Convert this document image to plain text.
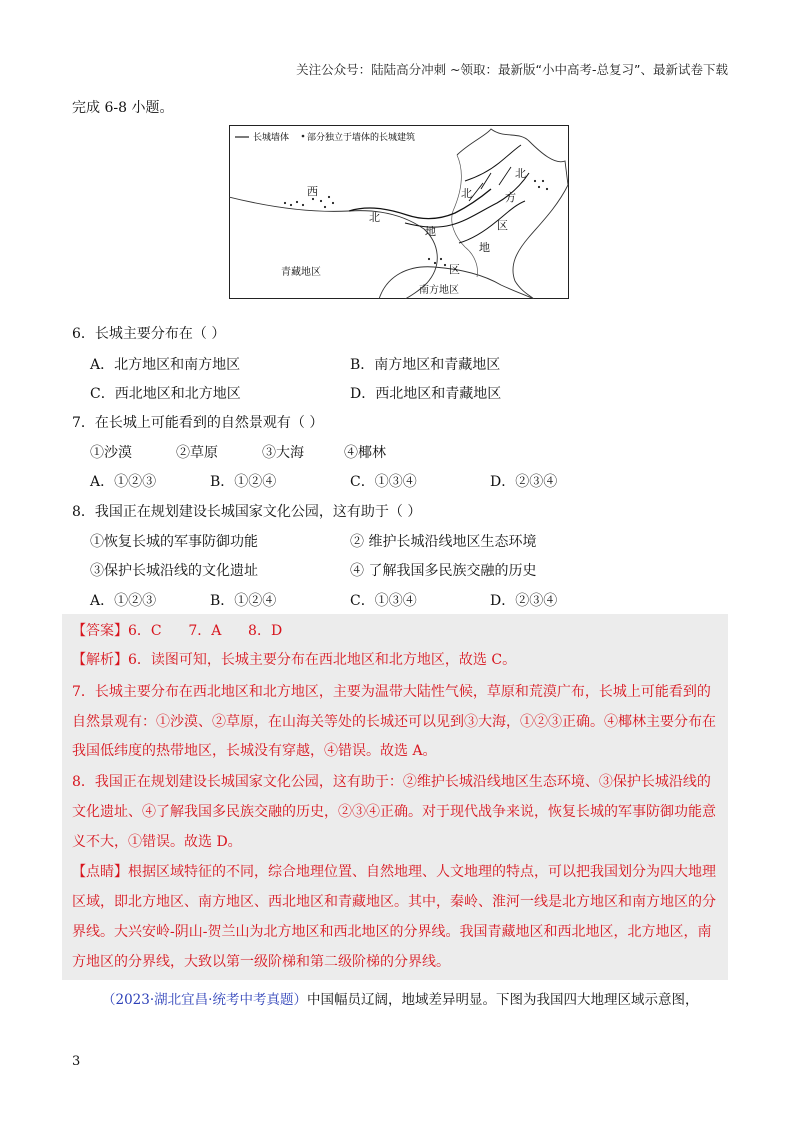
关注公众号：陆陆高分冲刺 ~领取：最新版“小中高考-总复习”、最新试卷下载
完成 6-8 小题。
长城墙体 部分独立于墙体的长城建筑
西
北
北
地
区
北	方
地
区
青藏地区
南方地区
6．长城主要分布在（ ）
A．北方地区和南方地区	B．南方地区和青藏地区
C．西北地区和北方地区	D．西北地区和青藏地区
7．在长城上可能看到的自然景观有（ ）
①沙漠	②草原	③大海	④椰林
A．①②③	B．①②④	C．①③④	D．②③④
8．我国正在规划建设长城国家文化公园，这有助于（ ）
①恢复长城的军事防御功能	② 维护长城沿线地区生态环境
③保护长城沿线的文化遗址	④ 了解我国多民族交融的历史
A．①②③	B．①②④	C．①③④	D．②③④
【答案】6．C      7．A      8．D
【解析】6．读图可知，长城主要分布在西北地区和北方地区，故选 C。
7．长城主要分布在西北地区和北方地区，主要为温带大陆性气候，草原和荒漠广布，长城上可能看到的
自然景观有：①沙漠、②草原，在山海关等处的长城还可以见到③大海，①②③正确。④椰林主要分布在
我国低纬度的热带地区，长城没有穿越，④错误。故选 A。
8．我国正在规划建设长城国家文化公园，这有助于：②维护长城沿线地区生态环境、③保护长城沿线的
文化遗址、④了解我国多民族交融的历史，②③④正确。对于现代战争来说，恢复长城的军事防御功能意
义不大，①错误。故选 D。
【点睛】根据区域特征的不同，综合地理位置、自然地理、人文地理的特点，可以把我国划分为四大地理
区域，即北方地区、南方地区、西北地区和青藏地区。其中，秦岭、淮河一线是北方地区和南方地区的分
界线。大兴安岭-阴山-贺兰山为北方地区和西北地区的分界线。我国青藏地区和西北地区，北方地区，南
方地区的分界线，大致以第一级阶梯和第二级阶梯的分界线。
（2023·湖北宜昌·统考中考真题）中国幅员辽阔，地域差异明显。下图为我国四大地理区域示意图，
3
